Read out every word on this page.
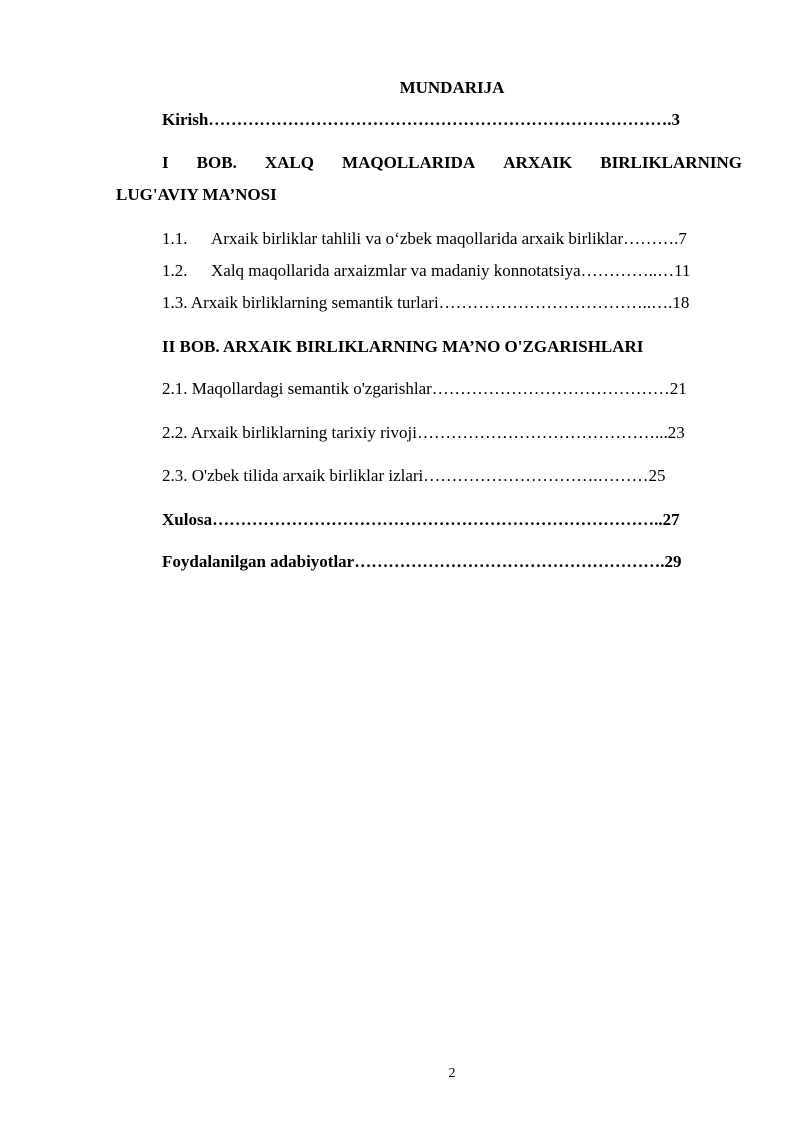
MUNDARIJA
Kirish……………………………………………………………………….3
I BOB. XALQ MAQOLLARIDA ARXAIK BIRLIKLARNING
LUG'AVIY MA’NOSI
1.1. Arxaik birliklar tahlili va o‘zbek maqollarida arxaik birliklar……….7
1.2. Xalq maqollarida arxaizmlar va madaniy konnotatsiya…………..…11
1.3. Arxaik birliklarning semantik turlari………………………………..….18
II BOB. ARXAIK BIRLIKLARNING MA’NO O'ZGARISHLARI
2.1. Maqollardagi semantik o'zgarishlar……………………………………21
2.2. Arxaik birliklarning tarixiy rivoji……………………………………...23
2.3. O'zbek tilida arxaik birliklar izlari………………………….………25
Xulosa……………………………………………………………………..27
Foydalanilgan adabiyotlar……………………………………………….29
2
